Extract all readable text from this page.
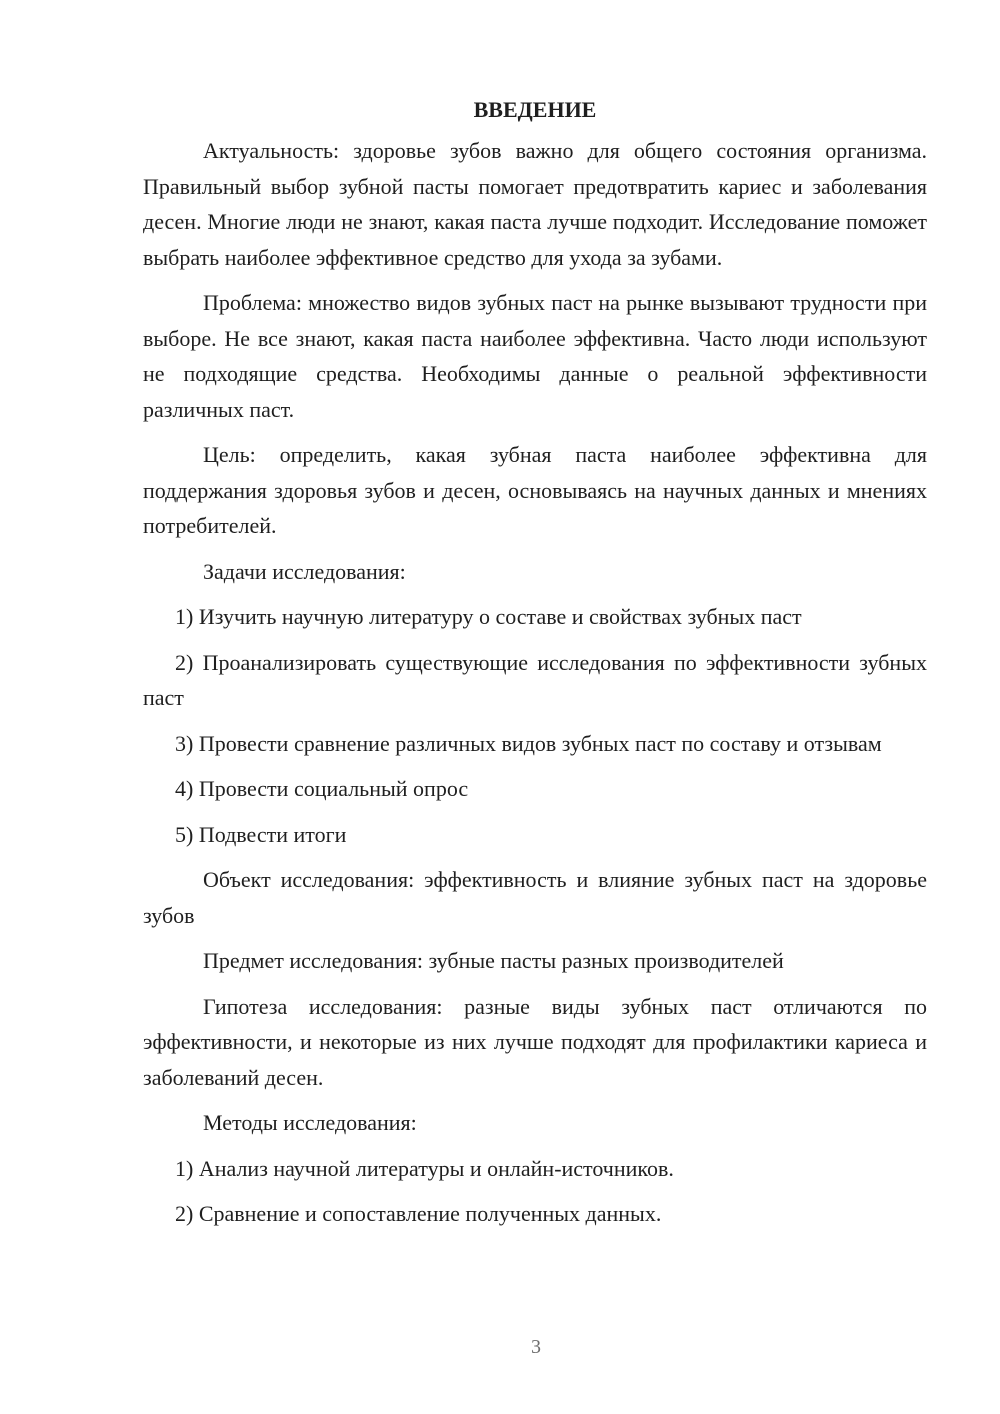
ВВЕДЕНИЕ

Актуальность: здоровье зубов важно для общего состояния организма. Правильный выбор зубной пасты помогает предотвратить кариес и заболевания десен. Многие люди не знают, какая паста лучше подходит. Исследование поможет выбрать наиболее эффективное средство для ухода за зубами.

Проблема: множество видов зубных паст на рынке вызывают трудности при выборе. Не все знают, какая паста наиболее эффективна. Часто люди используют не подходящие средства. Необходимы данные о реальной эффективности различных паст.

Цель: определить, какая зубная паста наиболее эффективна для поддержания здоровья зубов и десен, основываясь на научных данных и мнениях потребителей.

Задачи исследования:

1) Изучить научную литературу о составе и свойствах зубных паст

2) Проанализировать существующие исследования по эффективности зубных паст

3) Провести сравнение различных видов зубных паст по составу и отзывам

4) Провести социальный опрос

5) Подвести итоги

Объект исследования: эффективность и влияние зубных паст на здоровье зубов

Предмет исследования: зубные пасты разных производителей

Гипотеза исследования: разные виды зубных паст отличаются по эффективности, и некоторые из них лучше подходят для профилактики кариеса и заболеваний десен.

Методы исследования:

1) Анализ научной литературы и онлайн-источников.

2) Сравнение и сопоставление полученных данных.

3
